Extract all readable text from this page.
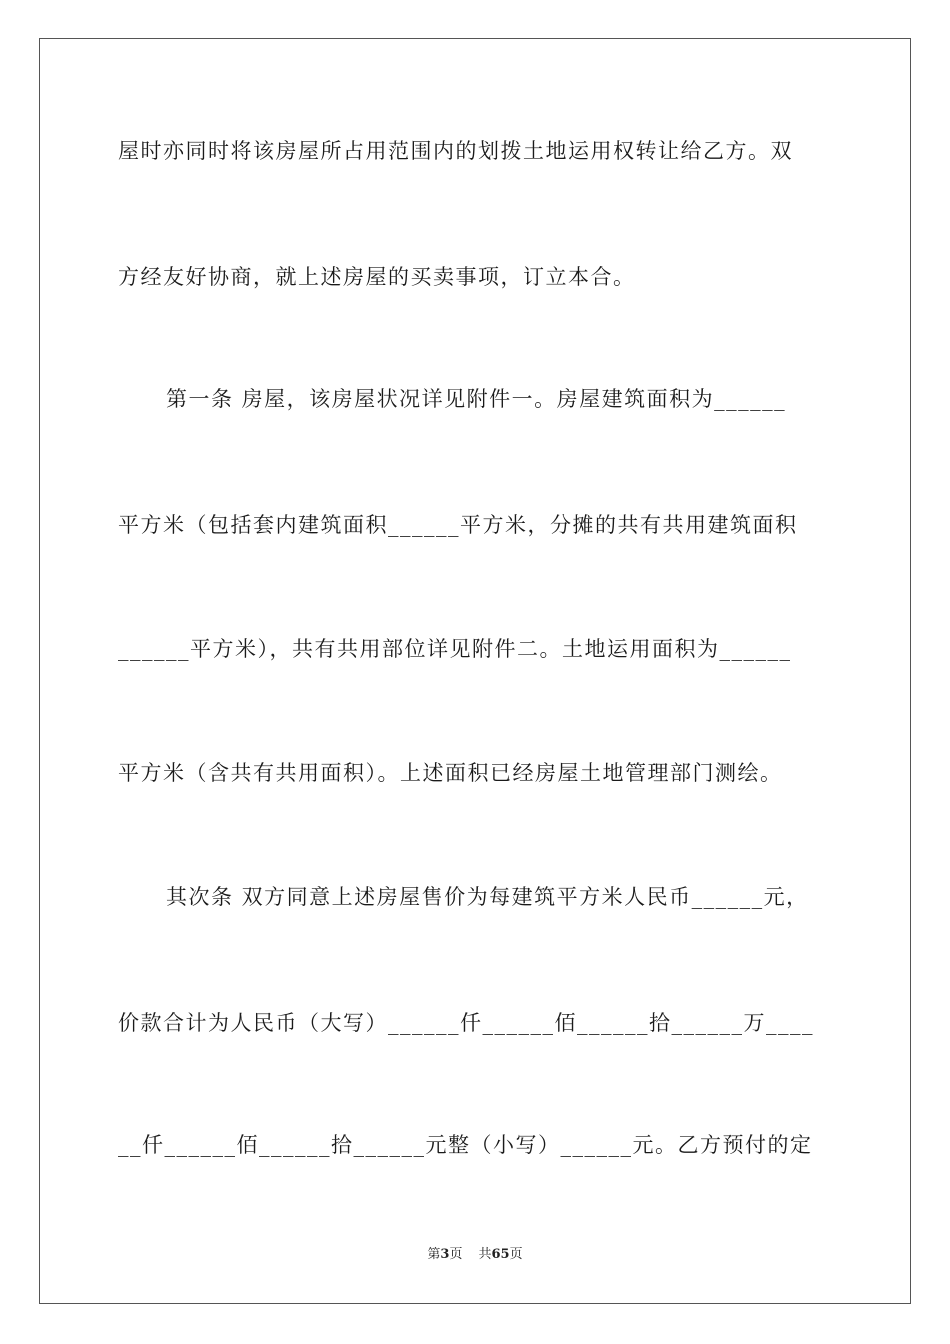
屋时亦同时将该房屋所占用范围内的划拨土地运用权转让给乙方。双
方经友好协商，就上述房屋的买卖事项，订立本合。
第一条 房屋，该房屋状况详见附件一。房屋建筑面积为______
平方米（包括套内建筑面积______平方米，分摊的共有共用建筑面积
______平方米），共有共用部位详见附件二。土地运用面积为______
平方米（含共有共用面积）。上述面积已经房屋土地管理部门测绘。
其次条 双方同意上述房屋售价为每建筑平方米人民币______元，
价款合计为人民币（大写）______仟______佰______拾______万____
__仟______佰______拾______元整（小写）______元。乙方预付的定
第3页 共65页
